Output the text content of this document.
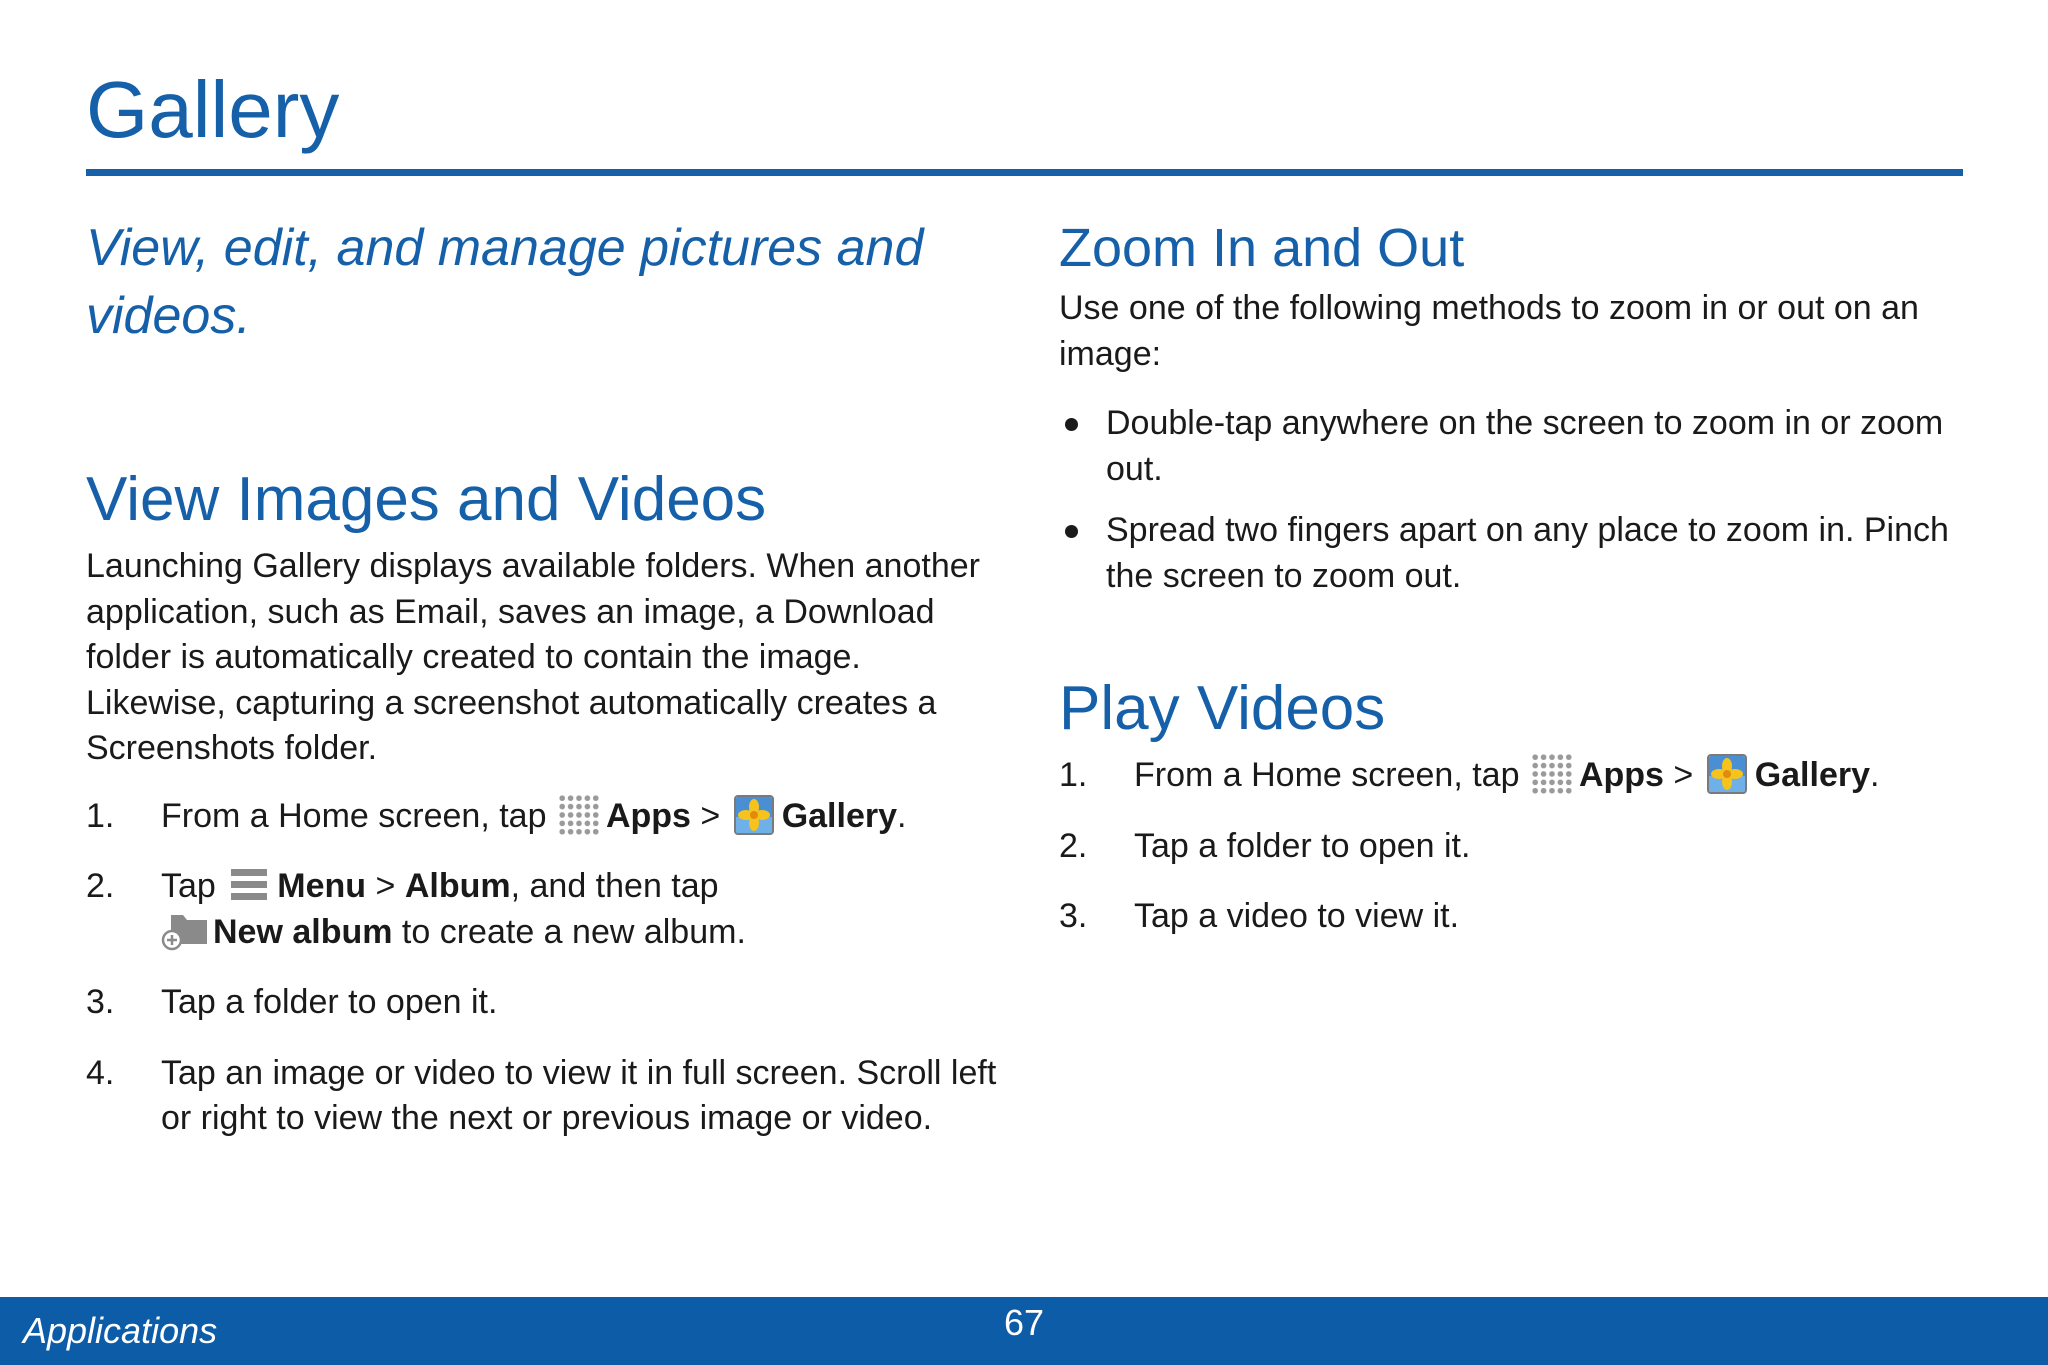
Gallery
View, edit, and manage pictures and videos.
View Images and Videos

Launching Gallery displays available folders. When another application, such as Email, saves an image, a Download folder is automatically created to contain the image. Likewise, capturing a screenshot automatically creates a Screenshots folder.

1. From a Home screen, tap Apps > Gallery.
2. Tap Menu > Album, and then tap
New album to create a new album.
3. Tap a folder to open it.
4. Tap an image or video to view it in full screen. Scroll left or right to view the next or previous image or video.
Zoom In and Out

Use one of the following methods to zoom in or out on an image:

Double-tap anywhere on the screen to zoom in or zoom out.
Spread two fingers apart on any place to zoom in. Pinch the screen to zoom out.
Play Videos
1. From a Home screen, tap Apps > Gallery.
2. Tap a folder to open it.
3. Tap a video to view it.
Applications	67
